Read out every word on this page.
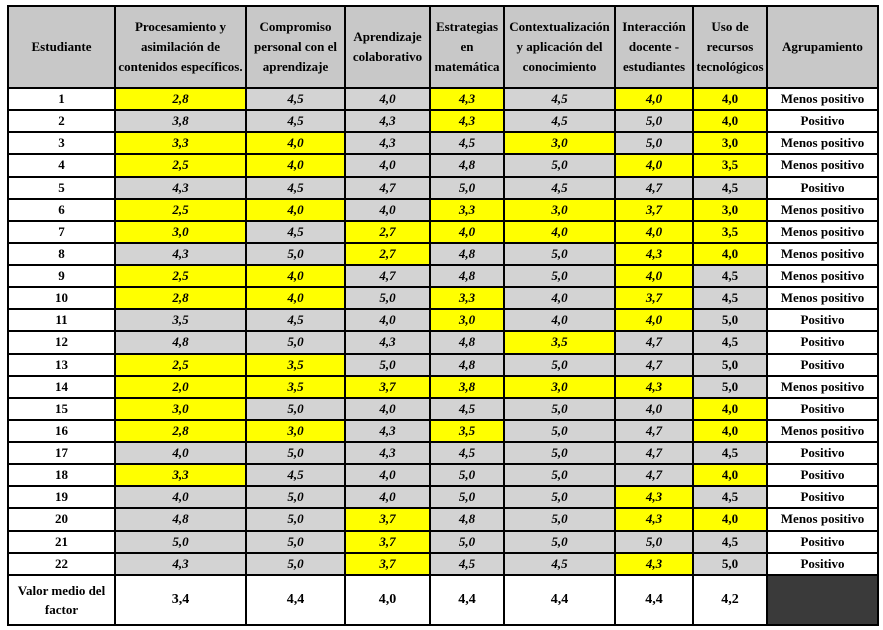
Estudiante	Procesamiento y asimilación de contenidos específicos.	Compromiso personal con el aprendizaje	Aprendizaje colaborativo	Estrategias en matemática	Contextualización y aplicación del conocimiento	Interacción docente - estudiantes	Uso de recursos tecnológicos	Agrupamiento
1	2,8	4,5	4,0	4,3	4,5	4,0	4,0	Menos positivo
2	3,8	4,5	4,3	4,3	4,5	5,0	4,0	Positivo
3	3,3	4,0	4,3	4,5	3,0	5,0	3,0	Menos positivo
4	2,5	4,0	4,0	4,8	5,0	4,0	3,5	Menos positivo
5	4,3	4,5	4,7	5,0	4,5	4,7	4,5	Positivo
6	2,5	4,0	4,0	3,3	3,0	3,7	3,0	Menos positivo
7	3,0	4,5	2,7	4,0	4,0	4,0	3,5	Menos positivo
8	4,3	5,0	2,7	4,8	5,0	4,3	4,0	Menos positivo
9	2,5	4,0	4,7	4,8	5,0	4,0	4,5	Menos positivo
10	2,8	4,0	5,0	3,3	4,0	3,7	4,5	Menos positivo
11	3,5	4,5	4,0	3,0	4,0	4,0	5,0	Positivo
12	4,8	5,0	4,3	4,8	3,5	4,7	4,5	Positivo
13	2,5	3,5	5,0	4,8	5,0	4,7	5,0	Positivo
14	2,0	3,5	3,7	3,8	3,0	4,3	5,0	Menos positivo
15	3,0	5,0	4,0	4,5	5,0	4,0	4,0	Positivo
16	2,8	3,0	4,3	3,5	5,0	4,7	4,0	Menos positivo
17	4,0	5,0	4,3	4,5	5,0	4,7	4,5	Positivo
18	3,3	4,5	4,0	5,0	5,0	4,7	4,0	Positivo
19	4,0	5,0	4,0	5,0	5,0	4,3	4,5	Positivo
20	4,8	5,0	3,7	4,8	5,0	4,3	4,0	Menos positivo
21	5,0	5,0	3,7	5,0	5,0	5,0	4,5	Positivo
22	4,3	5,0	3,7	4,5	4,5	4,3	5,0	Positivo
Valor medio del factor	3,4	4,4	4,0	4,4	4,4	4,4	4,2	
